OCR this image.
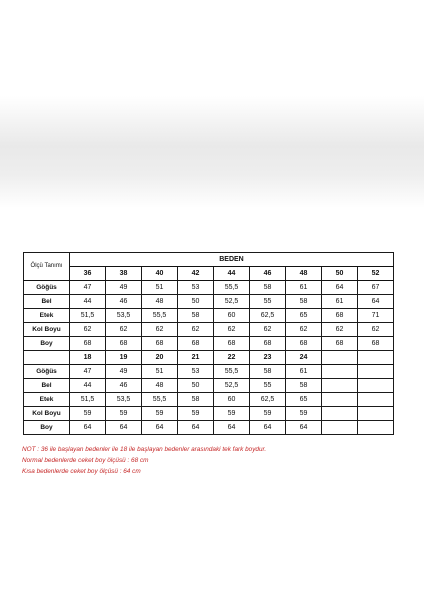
Ölçü Tanımı	BEDEN								
	36	38	40	42	44	46	48	50	52
Göğüs	47	49	51	53	55,5	58	61	64	67
Bel	44	46	48	50	52,5	55	58	61	64
Etek	51,5	53,5	55,5	58	60	62,5	65	68	71
Kol Boyu	62	62	62	62	62	62	62	62	62
Boy	68	68	68	68	68	68	68	68	68
	18	19	20	21	22	23	24		
Göğüs	47	49	51	53	55,5	58	61		
Bel	44	46	48	50	52,5	55	58		
Etek	51,5	53,5	55,5	58	60	62,5	65		
Kol Boyu	59	59	59	59	59	59	59		
Boy	64	64	64	64	64	64	64		
NOT : 36 ile başlayan bedenler ile 18 ile başlayan bedenler arasındaki tek fark boydur.
Normal bedenlerde ceket boy ölçüsü : 68 cm
Kısa bedenlerde ceket boy ölçüsü : 64 cm
